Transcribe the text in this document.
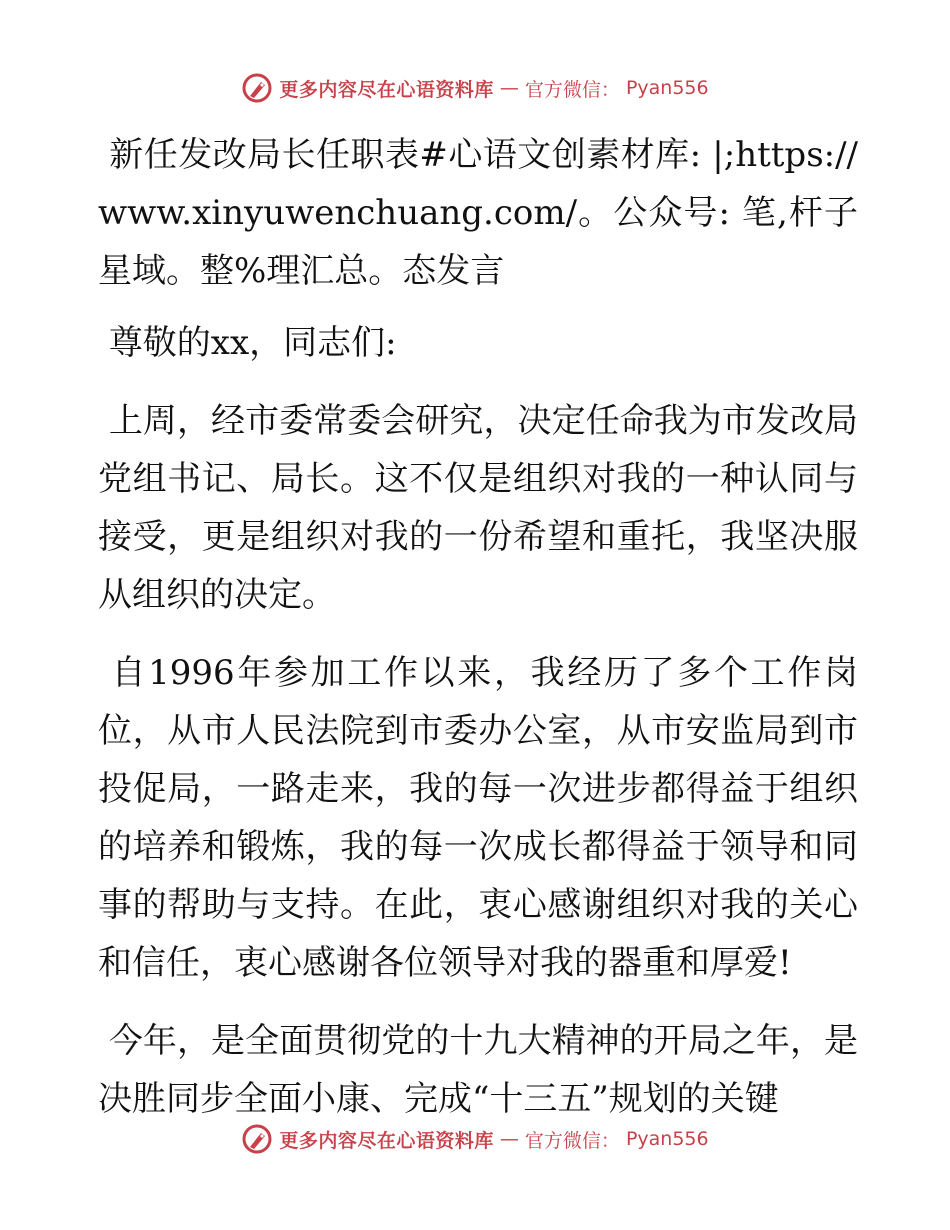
更多内容尽在心语资料库 — 官方微信： Pyan556

新任发改局长任职表#心语文创素材库: |;https://www.xinyuwenchuang.com/。公众号: 笔,杆子星域。整%理汇总。态发言

尊敬的xx，同志们:

上周，经市委常委会研究，决定任命我为市发改局党组书记、局长。这不仅是组织对我的一种认同与接受，更是组织对我的一份希望和重托，我坚决服从组织的决定。

自1996年参加工作以来，我经历了多个工作岗位，从市人民法院到市委办公室，从市安监局到市投促局，一路走来，我的每一次进步都得益于组织的培养和锻炼，我的每一次成长都得益于领导和同事的帮助与支持。在此，衷心感谢组织对我的关心和信任，衷心感谢各位领导对我的器重和厚爱!

今年，是全面贯彻党的十九大精神的开局之年，是决胜同步全面小康、完成“十三五”规划的关键

更多内容尽在心语资料库 — 官方微信： Pyan556
